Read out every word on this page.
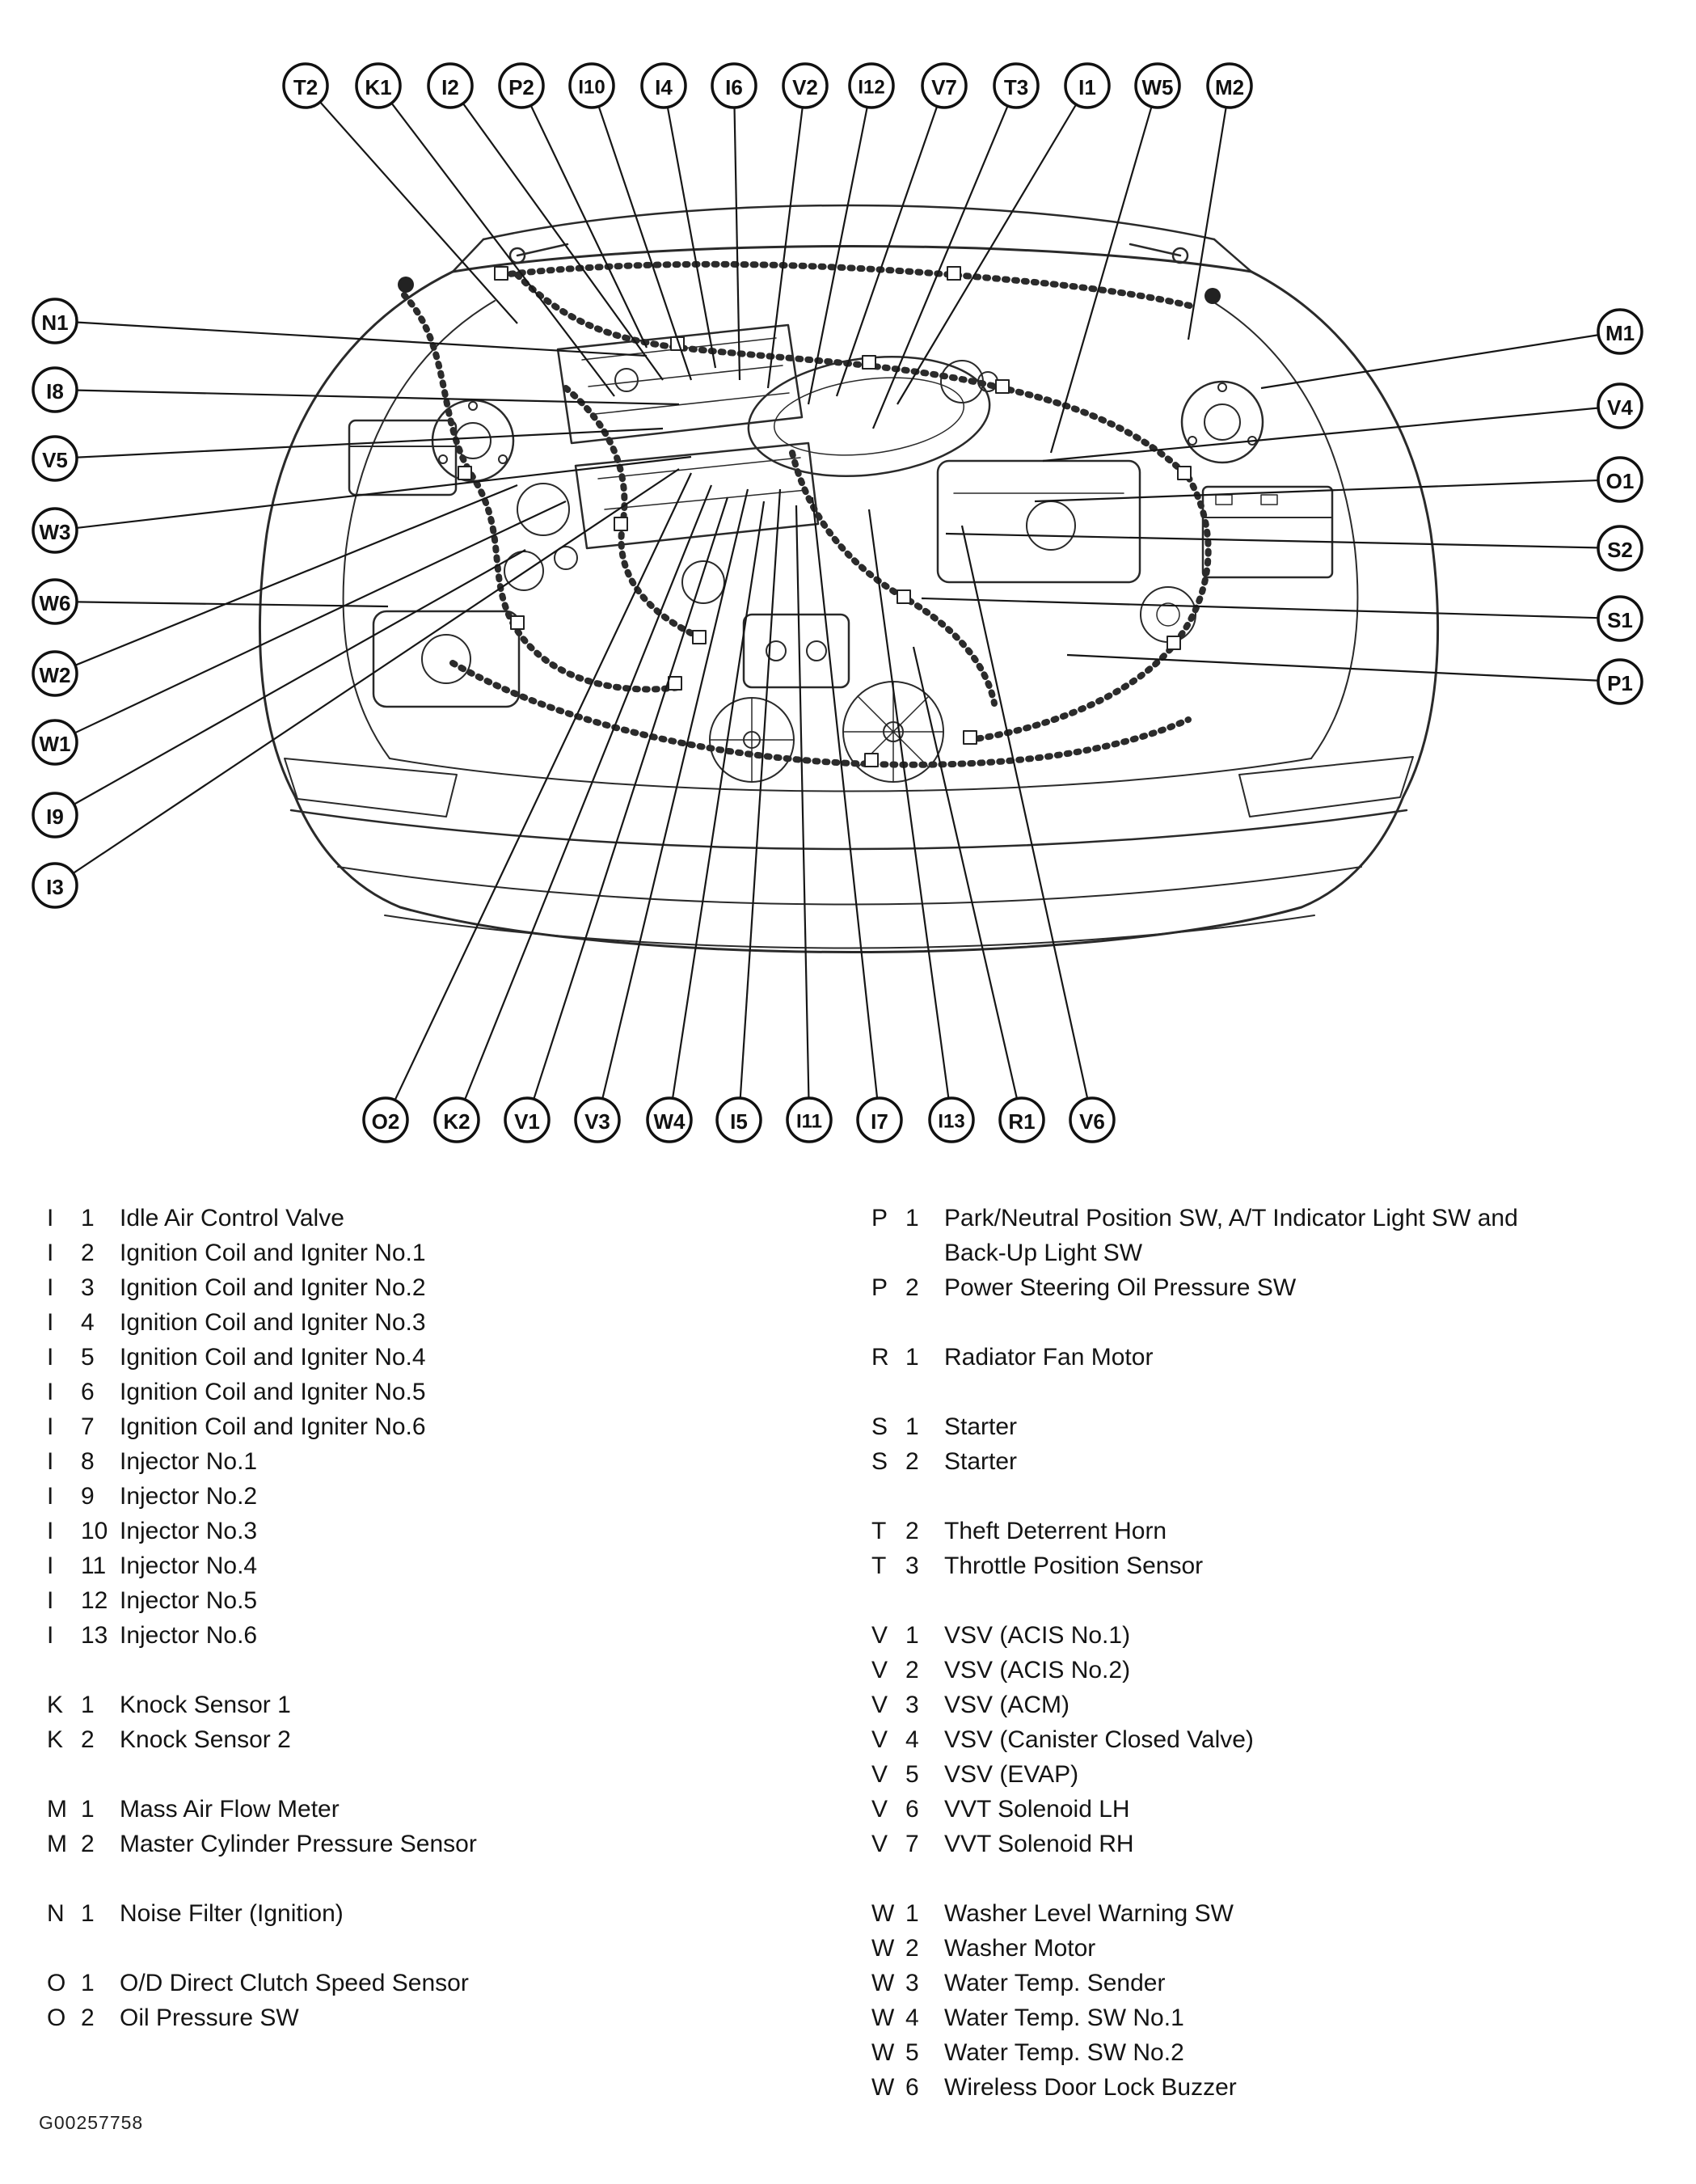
T2 K1 I2 P2 I10 I4	I6 V2 I12 V7 T3 I1 W5 M2
N1
I8
V5
W3
W6
W2
W1
I9
I3
M1
V4
O1
S2
S1
P1
O2 K2 V1 V3 W4 I5	I11 I7	I13 R1 V6
I	1	Idle Air Control Valve
I	2	Ignition Coil and Igniter No.1
I	3	Ignition Coil and Igniter No.2
I	4	Ignition Coil and Igniter No.3
I	5	Ignition Coil and Igniter No.4
I	6	Ignition Coil and Igniter No.5
I	7	Ignition Coil and Igniter No.6
I	8	Injector No.1
I	9	Injector No.2
I	10 Injector No.3
I	11 Injector No.4
I	12 Injector No.5
I	13 Injector No.6
K 1	Knock Sensor 1
K 2	Knock Sensor 2
M 1	Mass Air Flow Meter
M 2	Master Cylinder Pressure Sensor
N 1	Noise Filter (Ignition)
O 1	O/D Direct Clutch Speed Sensor
O 2	Oil Pressure SW
P 1	Park/Neutral Position SW, A/T Indicator Light SW and Back-Up Light SW
P 2	Power Steering Oil Pressure SW
R 1	Radiator Fan Motor
S 1	Starter
S 2	Starter
T 2	Theft Deterrent Horn
T 3	Throttle Position Sensor
V 1	VSV (ACIS No.1)
V 2	VSV (ACIS No.2)
V 3	VSV (ACM)
V 4	VSV (Canister Closed Valve)
V 5	VSV (EVAP)
V 6	VVT Solenoid LH
V 7	VVT Solenoid RH
W 1	Washer Level Warning SW
W 2	Washer Motor
W 3	Water Temp. Sender
W 4	Water Temp. SW No.1
W 5	Water Temp. SW No.2
W 6	Wireless Door Lock Buzzer
G00257758
